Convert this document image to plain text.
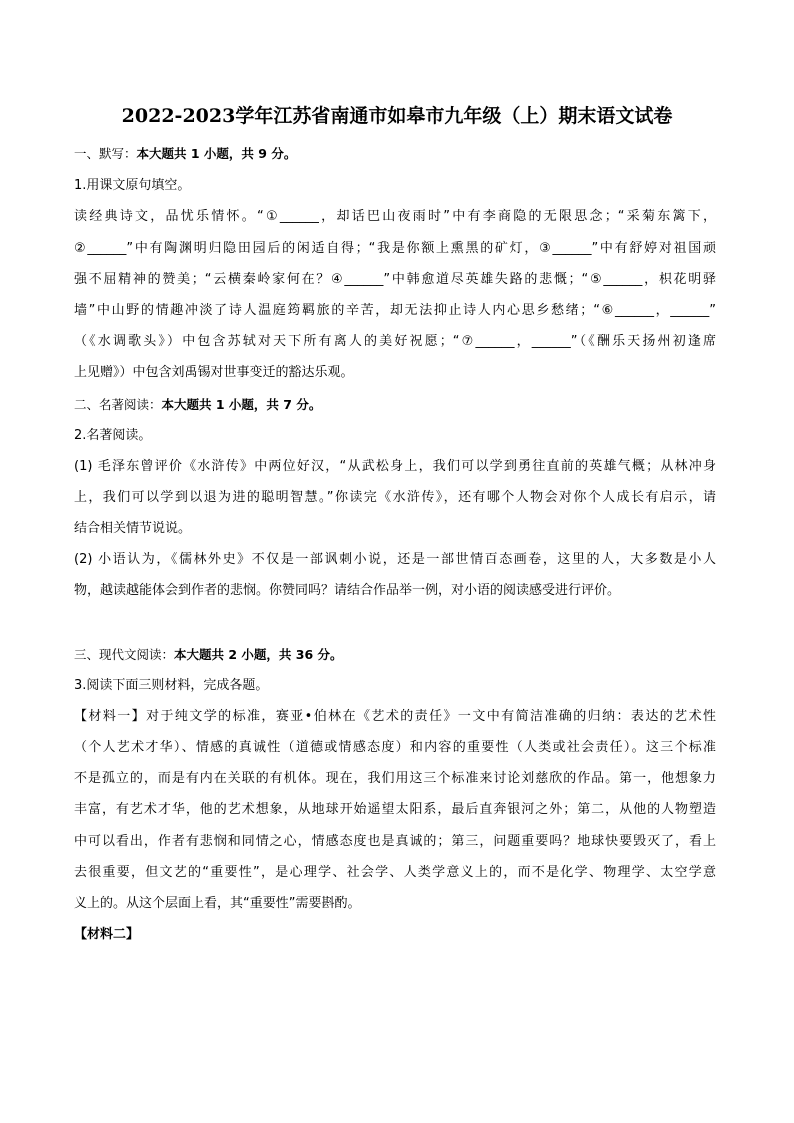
2022-2023学年江苏省南通市如皋市九年级（上）期末语文试卷
一、默写：本大题共 1 小题，共 9 分。
1.用课文原句填空。
读经典诗文，品忧乐情怀。“①______，却话巴山夜雨时”中有李商隐的无限思念；“采菊东篱下，
②______”中有陶渊明归隐田园后的闲适自得；“我是你额上熏黑的矿灯，③______”中有舒婷对祖国顽
强不屈精神的赞美；“云横秦岭家何在？④______”中韩愈道尽英雄失路的悲慨；“⑤______，枳花明驿
墙”中山野的情趣冲淡了诗人温庭筠羁旅的辛苦，却无法抑止诗人内心思乡愁绪；“⑥______，______”
（《水调歌头》）中包含苏轼对天下所有离人的美好祝愿；“⑦______，______”（《酬乐天扬州初逢席
上见赠》）中包含刘禹锡对世事变迁的豁达乐观。
二、名著阅读：本大题共 1 小题，共 7 分。
2.名著阅读。
(1) 毛泽东曾评价《水浒传》中两位好汉，“从武松身上，我们可以学到勇往直前的英雄气概；从林冲身
上，我们可以学到以退为进的聪明智慧。”你读完《水浒传》，还有哪个人物会对你个人成长有启示，请
结合相关情节说说。
(2) 小语认为，《儒林外史》不仅是一部讽刺小说，还是一部世情百态画卷，这里的人，大多数是小人
物，越读越能体会到作者的悲悯。你赞同吗？请结合作品举一例，对小语的阅读感受进行评价。
三、现代文阅读：本大题共 2 小题，共 36 分。
3.阅读下面三则材料，完成各题。
【材料一】对于纯文学的标准，赛亚•伯林在《艺术的责任》一文中有简洁准确的归纳：表达的艺术性
（个人艺术才华）、情感的真诚性（道德或情感态度）和内容的重要性（人类或社会责任）。这三个标准
不是孤立的，而是有内在关联的有机体。现在，我们用这三个标准来讨论刘慈欣的作品。第一，他想象力
丰富，有艺术才华，他的艺术想象，从地球开始遥望太阳系，最后直奔银河之外；第二，从他的人物塑造
中可以看出，作者有悲悯和同情之心，情感态度也是真诚的；第三，问题重要吗？地球快要毁灭了，看上
去很重要，但文艺的“重要性”，是心理学、社会学、人类学意义上的，而不是化学、物理学、太空学意
义上的。从这个层面上看，其“重要性”需要斟酌。
【材料二】
